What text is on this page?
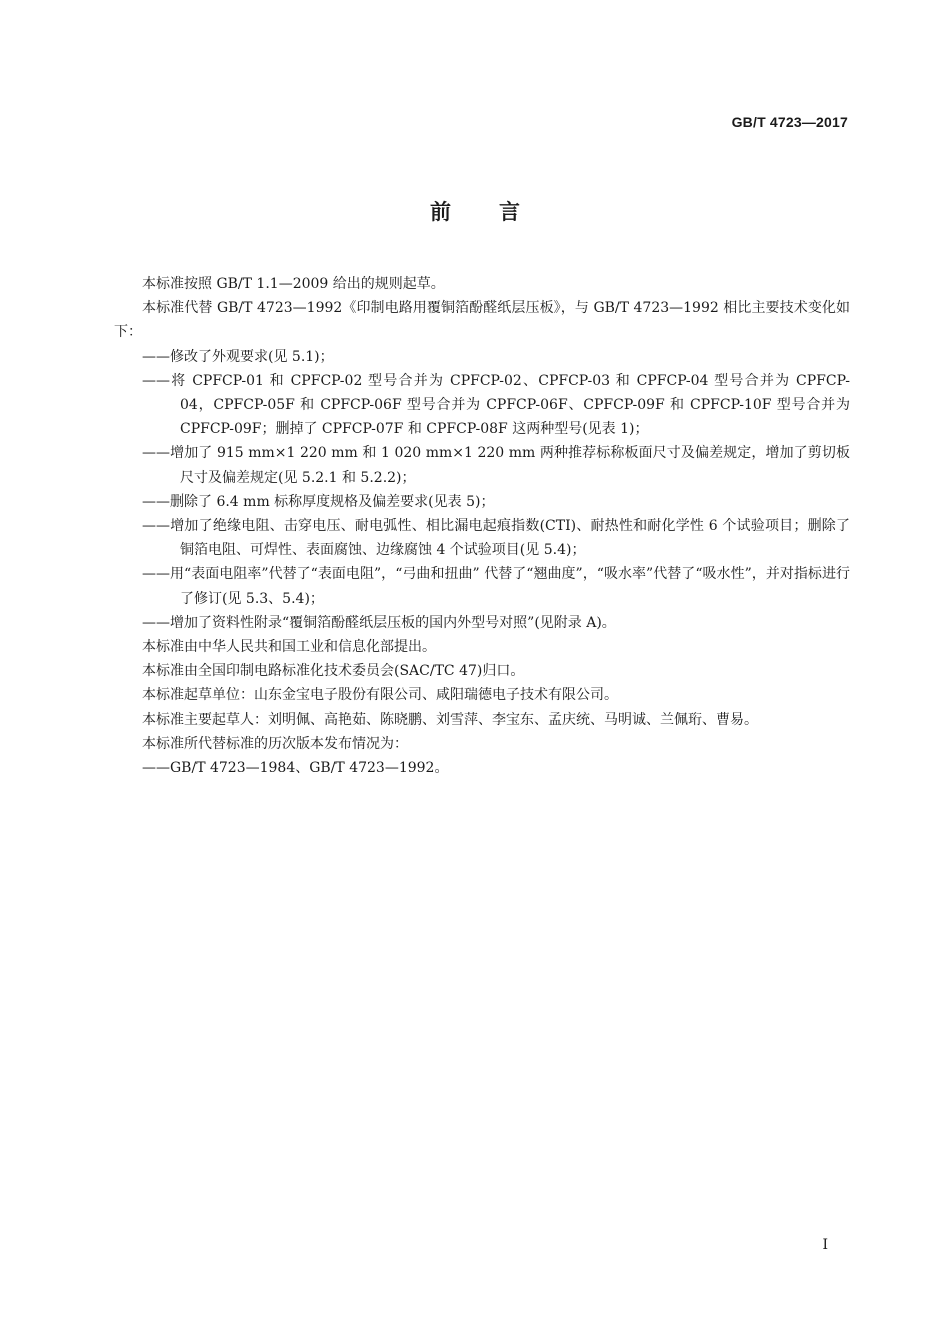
GB/T 4723—2017
前 言

本标准按照 GB/T 1.1—2009 给出的规则起草。

本标准代替 GB/T 4723—1992《印制电路用覆铜箔酚醛纸层压板》，与 GB/T 4723—1992 相比主要技术变化如下：

——修改了外观要求(见 5.1)；

——将 CPFCP-01 和 CPFCP-02 型号合并为 CPFCP-02、CPFCP-03 和 CPFCP-04 型号合并为 CPFCP-04，CPFCP-05F 和 CPFCP-06F 型号合并为 CPFCP-06F、CPFCP-09F 和 CPFCP-10F 型号合并为 CPFCP-09F；删掉了 CPFCP-07F 和 CPFCP-08F 这两种型号(见表 1)；

——增加了 915 mm×1 220 mm 和 1 020 mm×1 220 mm 两种推荐标称板面尺寸及偏差规定，增加了剪切板尺寸及偏差规定(见 5.2.1 和 5.2.2)；

——删除了 6.4 mm 标称厚度规格及偏差要求(见表 5)；

——增加了绝缘电阻、击穿电压、耐电弧性、相比漏电起痕指数(CTI)、耐热性和耐化学性 6 个试验项目；删除了铜箔电阻、可焊性、表面腐蚀、边缘腐蚀 4 个试验项目(见 5.4)；

——用“表面电阻率”代替了“表面电阻”，“弓曲和扭曲” 代替了“翘曲度”，“吸水率”代替了“吸水性”，并对指标进行了修订(见 5.3、5.4)；

——增加了资料性附录“覆铜箔酚醛纸层压板的国内外型号对照”(见附录 A)。

本标准由中华人民共和国工业和信息化部提出。

本标准由全国印制电路标准化技术委员会(SAC/TC 47)归口。

本标准起草单位：山东金宝电子股份有限公司、咸阳瑞德电子技术有限公司。

本标准主要起草人：刘明佩、高艳茹、陈晓鹏、刘雪萍、李宝东、孟庆统、马明诚、兰佩珩、曹易。

本标准所代替标准的历次版本发布情况为：

——GB/T 4723—1984、GB/T 4723—1992。

I
